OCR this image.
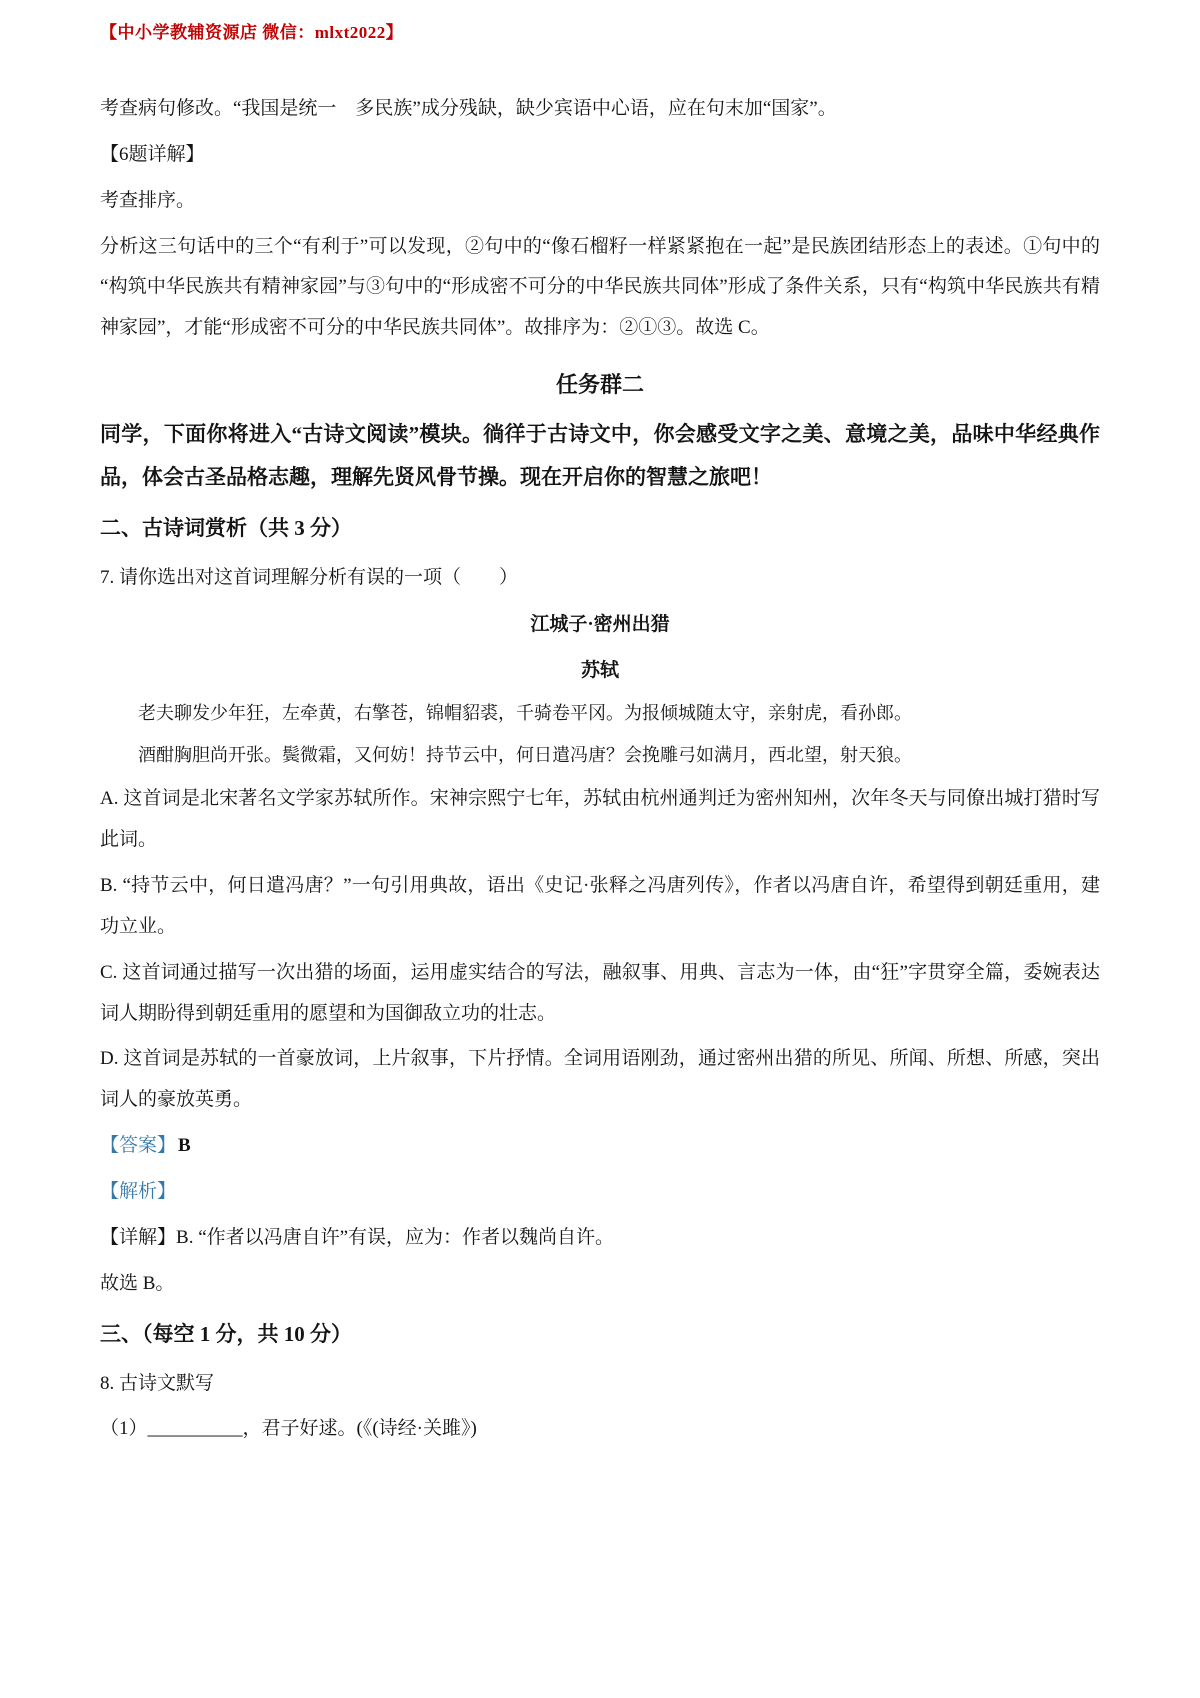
【中小学教辅资源店 微信：mlxt2022】

考查病句修改。“我国是统一　多民族”成分残缺，缺少宾语中心语，应在句末加“国家”。

【6题详解】

考查排序。

分析这三句话中的三个“有利于”可以发现，②句中的“像石榴籽一样紧紧抱在一起”是民族团结形态上的表述。①句中的“构筑中华民族共有精神家园”与③句中的“形成密不可分的中华民族共同体”形成了条件关系，只有“构筑中华民族共有精神家园”，才能“形成密不可分的中华民族共同体”。故排序为：②①③。故选 C。

任务群二

同学，下面你将进入“古诗文阅读”模块。徜徉于古诗文中，你会感受文字之美、意境之美，品味中华经典作品，体会古圣品格志趣，理解先贤风骨节操。现在开启你的智慧之旅吧！

二、古诗词赏析（共 3 分）

7. 请你选出对这首词理解分析有误的一项（　　）

江城子·密州出猎

苏轼

老夫聊发少年狂，左牵黄，右擎苍，锦帽貂裘，千骑卷平冈。为报倾城随太守，亲射虎，看孙郎。

酒酣胸胆尚开张。鬓微霜，又何妨！持节云中，何日遣冯唐？会挽雕弓如满月，西北望，射天狼。

A. 这首词是北宋著名文学家苏轼所作。宋神宗熙宁七年，苏轼由杭州通判迁为密州知州，次年冬天与同僚出城打猎时写此词。

B. “持节云中，何日遣冯唐？”一句引用典故，语出《史记·张释之冯唐列传》，作者以冯唐自许，希望得到朝廷重用，建功立业。

C. 这首词通过描写一次出猎的场面，运用虚实结合的写法，融叙事、用典、言志为一体，由“狂”字贯穿全篇，委婉表达词人期盼得到朝廷重用的愿望和为国御敌立功的壮志。

D. 这首词是苏轼的一首豪放词，上片叙事，下片抒情。全词用语刚劲，通过密州出猎的所见、所闻、所想、所感，突出词人的豪放英勇。

【答案】 B

【解析】

【详解】B. “作者以冯唐自许”有误，应为：作者以魏尚自许。

故选 B。

三、（每空 1 分，共 10 分）

8. 古诗文默写

（1）__________，君子好逑。(《(诗经·关雎》)
